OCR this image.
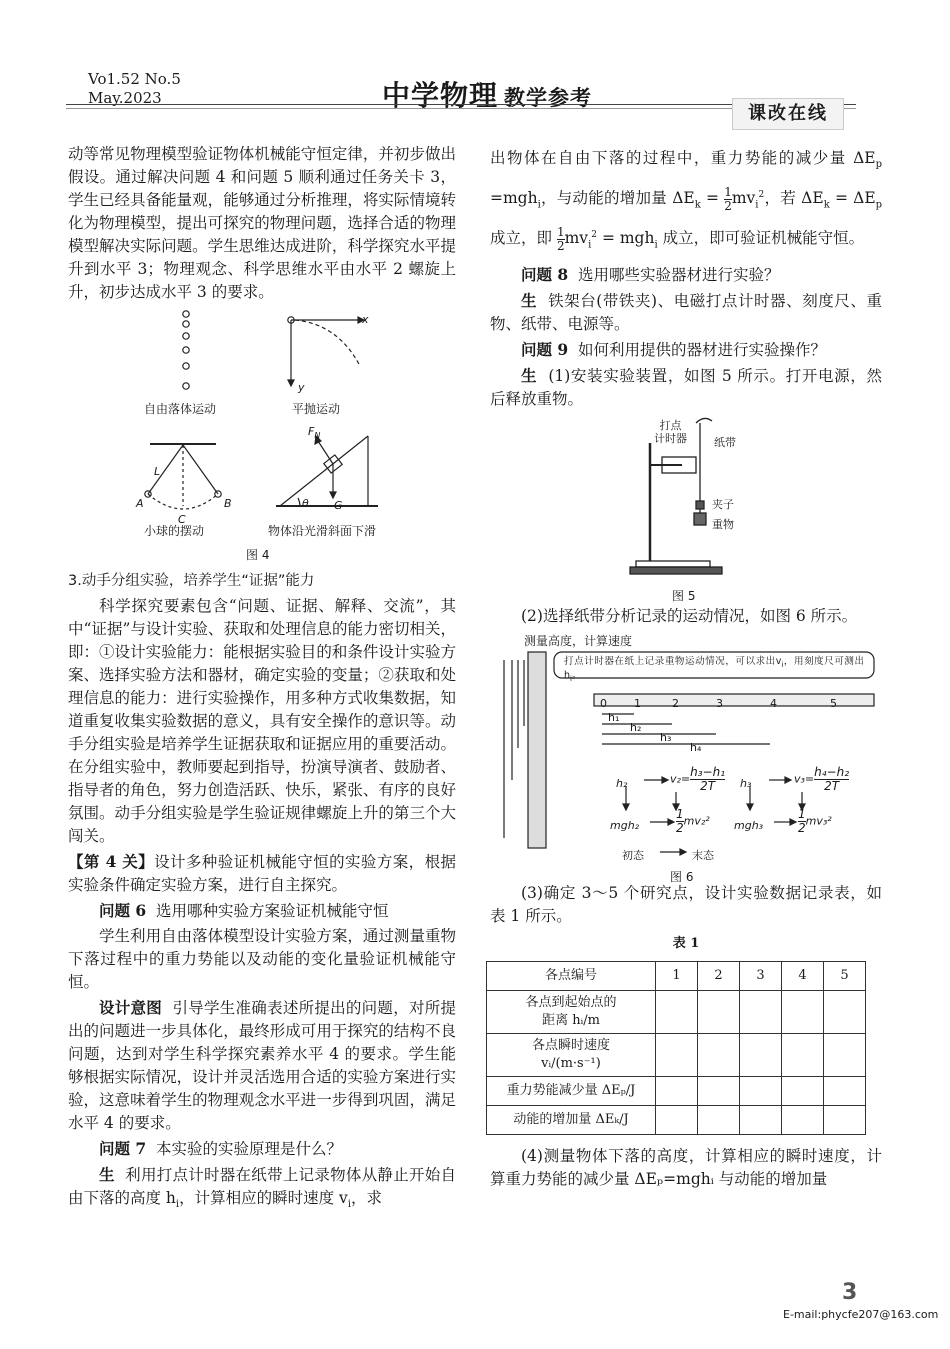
Vo1.52 No.5
May.2023	中学物理 教学参考
课改在线

动等常见物理模型验证物体机械能守恒定律，并初步做出假设。通过解决问题 4 和问题 5 顺利通过任务关卡 3，学生已经具备能量观，能够通过分析推理，将实际情境转化为物理模型，提出可探究的物理问题，选择合适的物理模型解决实际问题。学生思维达成进阶，科学探究水平提升到水平 3；物理观念、科学思维水平由水平 2 螺旋上升，初步达成水平 3 的要求。

x
y
自由落体运动	平抛运动
L
A	B
C
$F_N$
θ G
小球的摆动	物体沿光滑斜面下滑
图 4

3.动手分组实验，培养学生“证据”能力

科学探究要素包含“问题、证据、解释、交流”，其中“证据”与设计实验、获取和处理信息的能力密切相关，即：①设计实验能力：能根据实验目的和条件设计实验方案、选择实验方法和器材，确定实验的变量；②获取和处理信息的能力：进行实验操作，用多种方式收集数据，知道重复收集实验数据的意义，具有安全操作的意识等。动手分组实验是培养学生证据获取和证据应用的重要活动。在分组实验中，教师要起到指导，扮演导演者、鼓励者、指导者的角色，努力创造活跃、快乐，紧张、有序的良好氛围。动手分组实验是学生验证规律螺旋上升的第三个大闯关。

【第 4 关】设计多种验证机械能守恒的实验方案，根据实验条件确定实验方案，进行自主探究。

问题 6 选用哪种实验方案验证机械能守恒

学生利用自由落体模型设计实验方案，通过测量重物下落过程中的重力势能以及动能的变化量验证机械能守恒。

设计意图 引导学生准确表述所提出的问题，对所提出的问题进一步具体化，最终形成可用于探究的结构不良问题，达到对学生科学探究素养水平 4 的要求。学生能够根据实际情况，设计并灵活选用合适的实验方案进行实验，这意味着学生的物理观念水平进一步得到巩固，满足水平 4 的要求。

问题 7 本实验的实验原理是什么？

生 利用打点计时器在纸带上记录物体从静止开始自由下落的高度 $h_i$，计算相应的瞬时速度 $v_i$，求

出物体在自由下落的过程中，重力势能的减少量 $\Delta E_p =mgh_i$，与动能的增加量 $\Delta E_k = \frac{1}{2} mv_i^2$，若 $\Delta E_k = \Delta E_p$ 成立，即 $\frac{1}{2} mv_i^2 = mgh_i$ 成立，即可验证机械能守恒。

问题 8 选用哪些实验器材进行实验？

生 铁架台(带铁夹)、电磁打点计时器、刻度尺、重物、纸带、电源等。

问题 9 如何利用提供的器材进行实验操作？

生 (1)安装实验装置，如图 5 所示。打开电源，然后释放重物。

打点
计时器 纸带
夹子
重物
图 5

(2)选择纸带分析记录的运动情况，如图 6 所示。

测量高度，计算速度
打点计时器在纸上记录重物运动情况，可以求出$v_i$，用刻度尺可测出$h_i$。
0 1	2	3	4	5
h₁
h₂
h₃
h₄
h₂	$v_2= \frac{\text{h₃−h₁}}{2T} h_3$	$v_3= \frac{\text{h₄−h₂}}{2T}$
mgh₂	$\frac{1}{2} mv_2^2$ mgh₃	$\frac{1}{2} mv_3^2$
初态	末态
图 6

(3)确定 3～5 个研究点，设计实验数据记录表，如表 1 所示。

表 1

各点编号	1	2	3	4	5
各点到起始点的
距离 hᵢ/m					
各点瞬时速度
vᵢ/(m·s⁻¹)					
重力势能减少量 ΔEₚ/J					
动能的增加量 ΔEₖ/J					

(4)测量物体下落的高度，计算相应的瞬时速度，计算重力势能的减少量 ΔEₚ=mghᵢ 与动能的增加量

3
E-mail:phycfe207@163.com
